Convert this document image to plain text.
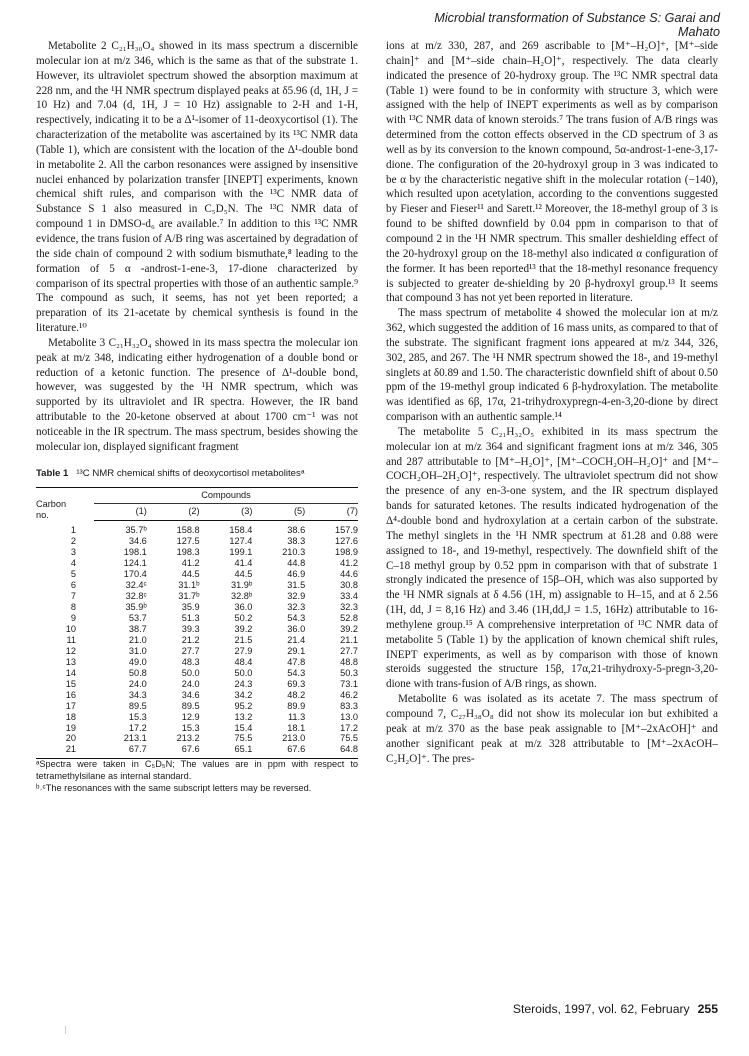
Microbial transformation of Substance S: Garai and Mahato

Metabolite 2 C₂₁H₃₀O₄ showed in its mass spectrum a discernible molecular ion at m/z 346, which is the same as that of the substrate 1. However, its ultraviolet spectrum showed the absorption maximum at 228 nm, and the ¹H NMR spectrum displayed peaks at δ5.96 (d, 1H, J = 10 Hz) and 7.04 (d, 1H, J = 10 Hz) assignable to 2-H and 1-H, respectively, indicating it to be a Δ¹-isomer of 11-deoxycortisol (1). The characterization of the metabolite was ascertained by its ¹³C NMR data (Table 1), which are consistent with the location of the Δ¹-double bond in metabolite 2. All the carbon resonances were assigned by insensitive nuclei enhanced by polarization transfer [INEPT] experiments, known chemical shift rules, and comparison with the ¹³C NMR data of Substance S 1 also measured in C₅D₅N. The ¹³C NMR data of compound 1 in DMSO-d₆ are available.⁷ In addition to this ¹³C NMR evidence, the trans fusion of A/B ring was ascertained by degradation of the side chain of compound 2 with sodium bismuthate,⁸ leading to the formation of 5 α -androst-1-ene-3, 17-dione characterized by comparison of its spectral properties with those of an authentic sample.⁹ The compound as such, it seems, has not yet been reported; a preparation of its 21-acetate by chemical synthesis is found in the literature.¹⁰

Metabolite 3 C₂₁H₃₂O₄ showed in its mass spectra the molecular ion peak at m/z 348, indicating either hydrogenation of a double bond or reduction of a ketonic function. The presence of Δ¹-double bond, however, was suggested by the ¹H NMR spectrum, which was supported by its ultraviolet and IR spectra. However, the IR band attributable to the 20-ketone observed at about 1700 cm⁻¹ was not noticeable in the IR spectrum. The mass spectrum, besides showing the molecular ion, displayed significant fragment

Table 1 ¹³C NMR chemical shifts of deoxycortisol metabolitesᵃ
Carbon
no.	Compounds				
	(1)	(2)	(3)	(5)	(7)
1	35.7ᵇ	158.8	158.4	38.6	157.9
2	34.6	127.5	127.4	38.3	127.6
3	198.1	198.3	199.1	210.3	198.9
4	124.1	41.2	41.4	44.8	41.2
5	170.4	44.5	44.5	46.9	44.6
6	32.4ᶜ	31.1ᵇ	31.9ᵇ	31.5	30.8
7	32.8ᶜ	31.7ᵇ	32.8ᵇ	32.9	33.4
8	35.9ᵇ	35.9	36.0	32.3	32.3
9	53.7	51.3	50.2	54.3	52.8
10	38.7	39.3	39.2	36.0	39.2
11	21.0	21.2	21.5	21.4	21.1
12	31.0	27.7	27.9	29.1	27.7
13	49.0	48.3	48.4	47.8	48.8
14	50.8	50.0	50.0	54.3	50.3
15	24.0	24.0	24.3	69.3	73.1
16	34.3	34.6	34.2	48.2	46.2
17	89.5	89.5	95.2	89.9	83.3
18	15.3	12.9	13.2	11.3	13.0
19	17.2	15.3	15.4	18.1	17.2
20	213.1	213.2	75.5	213.0	75.5
21	67.7	67.6	65.1	67.6	64.8

ᵃSpectra were taken in C₅D₅N; The values are in ppm with respect to tetramethylsilane as internal standard.

ᵇ˒ᶜThe resonances with the same subscript letters may be reversed.

ions at m/z 330, 287, and 269 ascribable to [M⁺–H₂O]⁺, [M⁺–side chain]⁺ and [M⁺–side chain–H₂O]⁺, respectively. The data clearly indicated the presence of 20-hydroxy group. The ¹³C NMR spectral data (Table 1) were found to be in conformity with structure 3, which were assigned with the help of INEPT experiments as well as by comparison with ¹³C NMR data of known steroids.⁷ The trans fusion of A/B rings was determined from the cotton effects observed in the CD spectrum of 3 as well as by its conversion to the known compound, 5α-androst-1-ene-3,17-dione. The configuration of the 20-hydroxyl group in 3 was indicated to be α by the characteristic negative shift in the molecular rotation (−140), which resulted upon acetylation, according to the conventions suggested by Fieser and Fieser¹¹ and Sarett.¹² Moreover, the 18-methyl group of 3 is found to be shifted downfield by 0.04 ppm in comparison to that of compound 2 in the ¹H NMR spectrum. This smaller deshielding effect of the 20-hydroxyl group on the 18-methyl also indicated α configuration of the former. It has been reported¹³ that the 18-methyl resonance frequency is subjected to greater de-shielding by 20 β-hydroxyl group.¹³ It seems that compound 3 has not yet been reported in literature.

The mass spectrum of metabolite 4 showed the molecular ion at m/z 362, which suggested the addition of 16 mass units, as compared to that of the substrate. The significant fragment ions appeared at m/z 344, 326, 302, 285, and 267. The ¹H NMR spectrum showed the 18-, and 19-methyl singlets at δ0.89 and 1.50. The characteristic downfield shift of about 0.50 ppm of the 19-methyl group indicated 6 β-hydroxylation. The metabolite was identified as 6β, 17α, 21-trihydroxypregn-4-en-3,20-dione by direct comparison with an authentic sample.¹⁴

The metabolite 5 C₂₁H₃₂O₅ exhibited in its mass spectrum the molecular ion at m/z 364 and significant fragment ions at m/z 346, 305 and 287 attributable to [M⁺–H₂O]⁺, [M⁺–COCH₂OH–H₂O]⁺ and [M⁺–COCH₂OH–2H₂O]⁺, respectively. The ultraviolet spectrum did not show the presence of any en-3-one system, and the IR spectrum displayed bands for saturated ketones. The results indicated hydrogenation of the Δ⁴-double bond and hydroxylation at a certain carbon of the substrate. The methyl singlets in the ¹H NMR spectrum at δ1.28 and 0.88 were assigned to 18-, and 19-methyl, respectively. The downfield shift of the C–18 methyl group by 0.52 ppm in comparison with that of substrate 1 strongly indicated the presence of 15β–OH, which was also supported by the ¹H NMR signals at δ 4.56 (1H, m) assignable to H–15, and at δ 2.56 (1H, dd, J = 8,16 Hz) and 3.46 (1H,dd,J = 1.5, 16Hz) attributable to 16-methylene group.¹⁵ A comprehensive interpretation of ¹³C NMR data of metabolite 5 (Table 1) by the application of known chemical shift rules, INEPT experiments, as well as by comparison with those of known steroids suggested the structure 15β, 17α,21-trihydroxy-5-pregn-3,20-dione with trans-fusion of A/B rings, as shown.

Metabolite 6 was isolated as its acetate 7. The mass spectrum of compound 7, C₂₇H₃₈O₈ did not show its molecular ion but exhibited a peak at m/z 370 as the base peak assignable to [M⁺–2xAcOH]⁺ and another significant peak at m/z 328 attributable to [M⁺–2xAcOH–C₂H₂O]⁺. The pres-

Steroids, 1997, vol. 62, February 255
